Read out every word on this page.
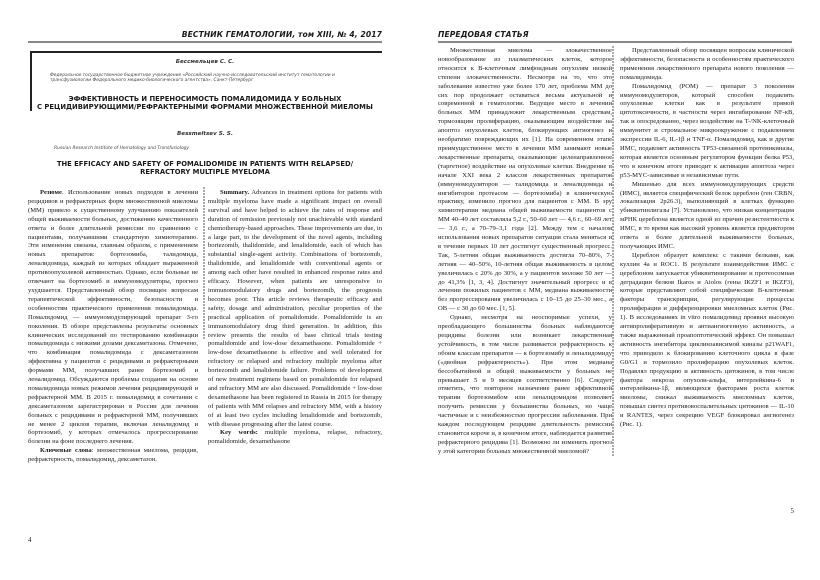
ВЕСТНИК ГЕМАТОЛОГИИ, том XIII, № 4, 2017
Бессмельцев С. С.
Федеральное государственное бюджетное учреждение «Российский научно-исследовательский институт гематологии и трансфузиологии Федерального медико-биологического агентства», Санкт-Петербург
ЭФФЕКТИВНОСТЬ И ПЕРЕНОСИМОСТЬ ПОМАЛИДОМИДА У БОЛЬНЫХ
С РЕЦИДИВИРУЮЩИМИ/РЕФРАКТЕРНЫМИ ФОРМАМИ МНОЖЕСТВЕННОЙ МИЕЛОМЫ
Bessmeltsev S. S.
Russian Research Institute of Hematology and Transfusiology
THE EFFICACY AND SAFETY OF POMALIDOMIDE IN PATIENTS WITH RELAPSED/
REFRACTORY MULTIPLE MYELOMA

Резюме. Использование новых подходов в лечении рецидивов и рефрактерных форм множественной миеломы (ММ) привело к существенному улучшению показателей общей выживаемости больных, достижению качественного ответа и более длительной ремиссии по сравнению с пациентами, получавшими стандартную химиотерапию. Эти изменения связаны, главным образом, с применением новых препаратов: бортезомиба, талидомида, леналидомида, каждый из которых обладает выраженной противоопухолевой активностью. Однако, если больные не отвечают на бортезомиб и иммуномодуляторы, прогноз ухудшается. Представленный обзор посвящен вопросам терапевтической эффективности, безопасности и особенностям практического применения помалидомида. Помалидомид — иммуномодулирующий препарат 3-го поколения. В обзоре представлены результаты основных клинических исследований по тестированию комбинации помалидомида с низкими дозами дексаметазона. Отмечено, что комбинация помалидомида с дексаметазоном эффективна у пациентов с рецидивами и рефрактерными формами ММ, получавших ранее бортезомиб и леналидомид. Обсуждаются проблемы создания на основе помалидомида новых режимов лечения рецидивирующей и рефрактерной ММ. В 2015 г. помалидомид в сочетании с дексаметазоном зарегистрирован в России для лечения больных с рецидивами и рефрактерной ММ, получивших не менее 2 циклов терапии, включая леналидомид и бортезомиб, у которых отмечалось прогрессирование болезни на фоне последнего лечения.

Ключевые слова: множественная миелома, рецидив, рефрактерность, помалидомид, дексаметазон.

Summary. Advances in treatment options for patients with multiple myeloma have made a significant impact on overall survival and have helped to achieve the rates of response and duration of remission previously not unachievable with standard chemotherapy-based approaches. These improvements are due, in a large part, to the development of the novel agents, including bortezomib, thalidomide, and lenalidomide, each of which has substantial single-agent activity. Combinations of bortezomib, thalidomide, and lenalidomide with conventional agents or among each other have resulted in enhanced response rates and efficacy. However, when patients are unresponsive to immunomodulatory drugs and bortezomib, the prognosis becomes poor. This article reviews therapeutic efficacy and safety, dosage and administration, peculiar properties of the practical application of pomalidomide. Pomalidomide is an immunomodulatory drug third generation. In addition, this review presents the results of base clinical trials testing pomalidomide and low-dose dexamethasone. Pomalidomide + low-dose dexamethasone is effective and well tolerated for refractory or relapsed and refractory multiple myeloma after bortezomib and lenalidomide failure. Problems of development of new treatment regimens based on pomalidomide for relapsed and refractory MM are also discussed. Pomalidomide + low-dose dexamethasone has been registered in Russia in 2015 for therapy of patients with MM relapses and refractory MM, with a history of at least two cycles including lenalidomide and bortezomib, with disease progressing after the latest course.

Key words: multiple myeloma, relapse, refractory, pomalidomide, dexamethasone

4
ПЕРЕДОВАЯ СТАТЬЯ

Множественная миелома — злокачественное новообразование из плазматических клеток, которое относится к В-клеточным лимфоидным опухолям низкой степени злокачественности. Несмотря на то, что это заболевание известно уже более 170 лет, проблема ММ до сих пор продолжает оставаться весьма актуальной и современной в гематологии. Ведущее место в лечении больных ММ принадлежит лекарственным средствам, тормозящим пролиферацию, оказывающим воздействие на апоптоз опухолевых клеток, блокирующих ангиогенез и необратимо повреждающих их [1]. На современном этапе преимущественное место в лечении ММ занимают новые лекарственные препараты, оказывающие целенаправленное (таргетное) воздействие на опухолевые клетки. Внедрение в начале XXI века 2 классов лекарственных препаратов (иммуномодуляторов — талидомида и леналидомида и ингибиторов протеасом — бортезомиба) в клиническую практику, изменило прогноз для пациентов с ММ. В эру химиотерапии медиана общей выживаемости пациентов с ММ 40–49 лет составляла 5,2 г., 50–60 лет — 4,6 г., 60–69 лет — 3,6 г., а 70–79–3,1 года [2]. Между тем с началом использования новых препаратов ситуация стала меняться и в течение первых 10 лет достигнут существенный прогресс. Так, 5-летняя общая выживаемость достигла 70–80%, 7-летняя — 40–50%, 10-летняя общая выживаемость в целом увеличилась с 20% до 30%, а у пациентов моложе 50 лет — до 41,3% [1, 3, 4]. Достигнут значительный прогресс и в лечении пожилых пациентов с ММ, медиана выживаемости без прогрессирования увеличилась с 10–15 до 25–30 мес., а ОВ — с 30 до 60 мес. [1, 5].

Однако, несмотря на неоспоримые успехи, у преобладающего большинства больных наблюдаются рецидивы болезни или возникает лекарственная устойчивость, в том числе развивается рефрактерность к обоим классам препаратов — к бортезомибу и леналидомиду («двойная рефрактерность»). При этом медиана бессобытийной и общей выживаемости у больных не превышает 5 и 9 месяцев соответственно [6]. Следует отметить, что повторное назначение ранее эффективной терапии бортезомибом или леналидомидом позволяет получить ремиссии у большинства больных, но чаще частичные и с неизбежностью прогрессии заболевания. При каждом последующем рецидиве длительность ремиссии становится короче и, в конечном итоге, наблюдается развитие рефрактерного рецидива [1]. Возможно ли изменить прогноз у этой категории больных множественной миеломой?

Представленный обзор посвящен вопросам клинической эффективности, безопасности и особенностям практического применения лекарственного препарата нового поколения — помалидомида.

Помалидомид (POM) — препарат 3 поколения иммуномодуляторов, который способен подавлять опухолевые клетки как в результате прямой цитотоксичности, в частности через ингибирование NF-кB, так и опосредованно, через воздействие на T-/NK-клеточный иммунитет и стромальное микроокружение с подавлением экспрессии IL-6, IL-1β и TNF-α. Помалидомид, как и другие ИМС, подавляет активность TP53-связанной протеинкиназы, которая является основным регулятором функции белка P53, что в конечном итоге приводит к активации апоптоза через p53-MYC-зависимые и независимые пути.

Мишенью для всех иммуномодулирующих средств (ИМС), является специфический белок цереблон (ген CRBN, локализация 2p26.3), выполняющий в клетках функцию убиквитинлигазы [7]. Установлено, что низкая концентрация мРНК цереблона является одной из причин резистентности к ИМС, в то время как высокий уровень является предиктором ответа и более длительной выживаемости больных, получающих ИМС.

Цереблон образует комплекс с такими белками, как куллин 4а и ROC1. В результате взаимодействия ИМС с цереблоном запускается убиквитинирование и протеосомная деградации белков Ikaros и Aiolos (гены IKZF1 и IKZF3), которые представляют собой специфические В-клеточные факторы транскрипции, регулирующие процессы пролиферации и дифференцировки миеломных клеток (Рис. 1). В исследованиях in vitro помалидомид проявил высокую антипролиферативную и антиангиогенную активность, а также выраженный проапоптотический эффект. Он повышал активность ингибитора циклинзависимой киназы p21WAF1, что приводило к блокированию клеточного цикла в фазе G0/G1 и тормозило пролиферацию опухолевых клеток. Подавлял продукцию и активность цитокинов, в том числе фактора некроза опухоли-альфа, интерлейкина-6 и интерлейкина-1β, являющихся факторами роста клеток миеломы, снижал выживаемость миеломных клеток, повышал синтез противовоспалительных цитокинов — IL-10 и RANTES, через секрецию VEGF блокировал ангиогенез (Рис. 1).

5
